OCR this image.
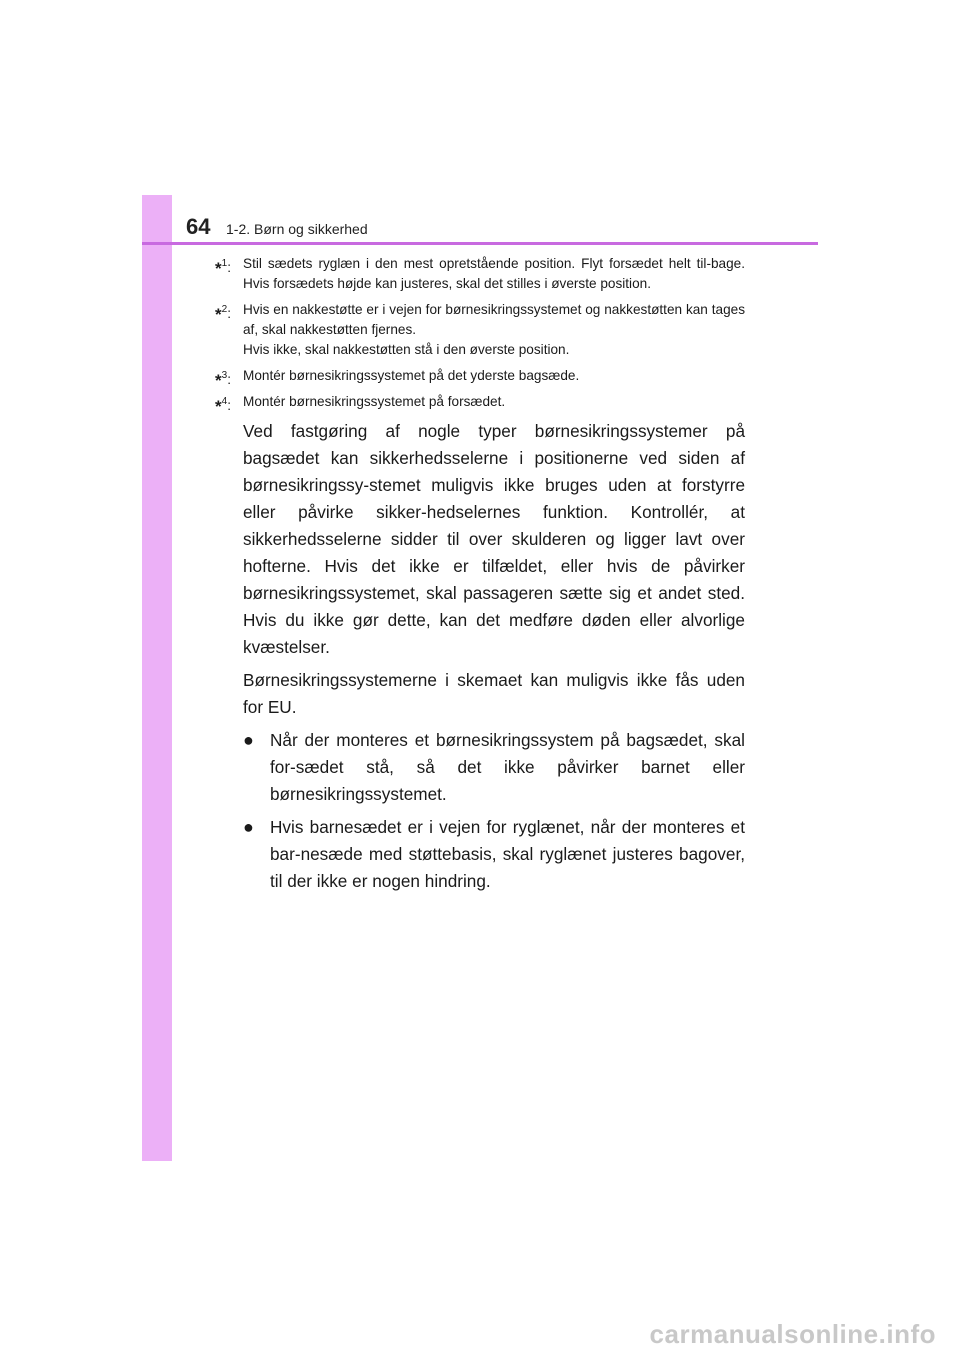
64 1-2. Børn og sikkerhed
*$^1$: Stil sædets ryglæn i den mest opretstående position. Flyt forsædet helt til-bage. Hvis forsædets højde kan justeres, skal det stilles i øverste position.
*$^2$: Hvis en nakkestøtte er i vejen for børnesikringssystemet og nakkestøtten kan tages af, skal nakkestøtten fjernes.
Hvis ikke, skal nakkestøtten stå i den øverste position.
*$^3$: Montér børnesikringssystemet på det yderste bagsæde.
*$^4$: Montér børnesikringssystemet på forsædet.

Ved fastgøring af nogle typer børnesikringssystemer på bagsædet kan sikkerhedsselerne i positionerne ved siden af børnesikringssy-stemet muligvis ikke bruges uden at forstyrre eller påvirke sikker-hedselernes funktion. Kontrollér, at sikkerhedsselerne sidder til over skulderen og ligger lavt over hofterne. Hvis det ikke er tilfældet, eller hvis de påvirker børnesikringssystemet, skal passageren sætte sig et andet sted. Hvis du ikke gør dette, kan det medføre døden eller alvorlige kvæstelser.

Børnesikringssystemerne i skemaet kan muligvis ikke fås uden for EU.

● Når der monteres et børnesikringssystem på bagsædet, skal for-sædet stå, så det ikke påvirker barnet eller børnesikringssystemet.
● Hvis barnesædet er i vejen for ryglænet, når der monteres et bar-nesæde med støttebasis, skal ryglænet justeres bagover, til der ikke er nogen hindring.
carmanualsonline.info
